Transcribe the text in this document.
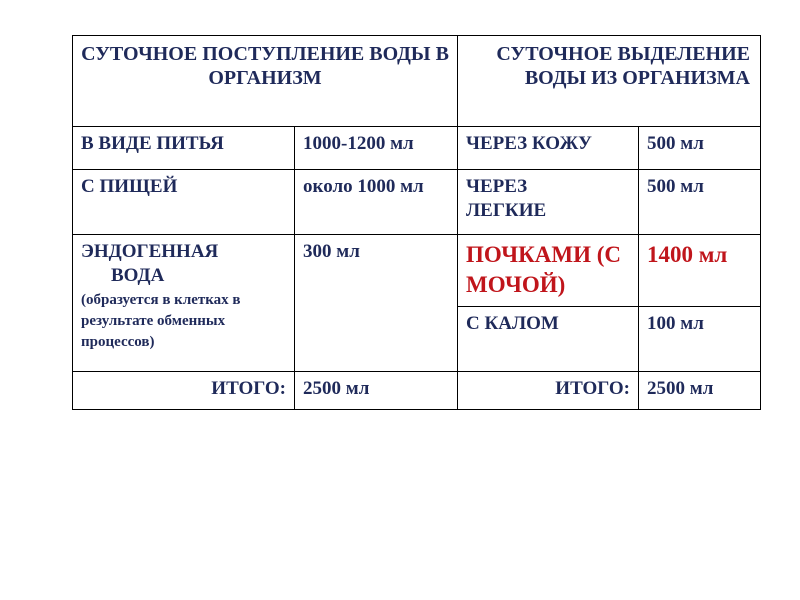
СУТОЧНОЕ ПОСТУПЛЕНИЕ ВОДЫ В ОРГАНИЗМ		СУТОЧНОЕ ВЫДЕЛЕНИЕ ВОДЫ ИЗ ОРГАНИЗМА	
В ВИДЕ ПИТЬЯ	1000-1200 мл	ЧЕРЕЗ КОЖУ	500 мл
С ПИЩЕЙ	около 1000 мл	ЧЕРЕЗ ЛЕГКИЕ	500 мл

ЭНДОГЕННАЯ
ВОДА
(образуется в клетках в результате обменных процессов)	300 мл	ПОЧКАМИ (С МОЧОЙ)	1400 мл
		С КАЛОМ	100 мл
ИТОГО:	2500 мл	ИТОГО:	2500 мл
